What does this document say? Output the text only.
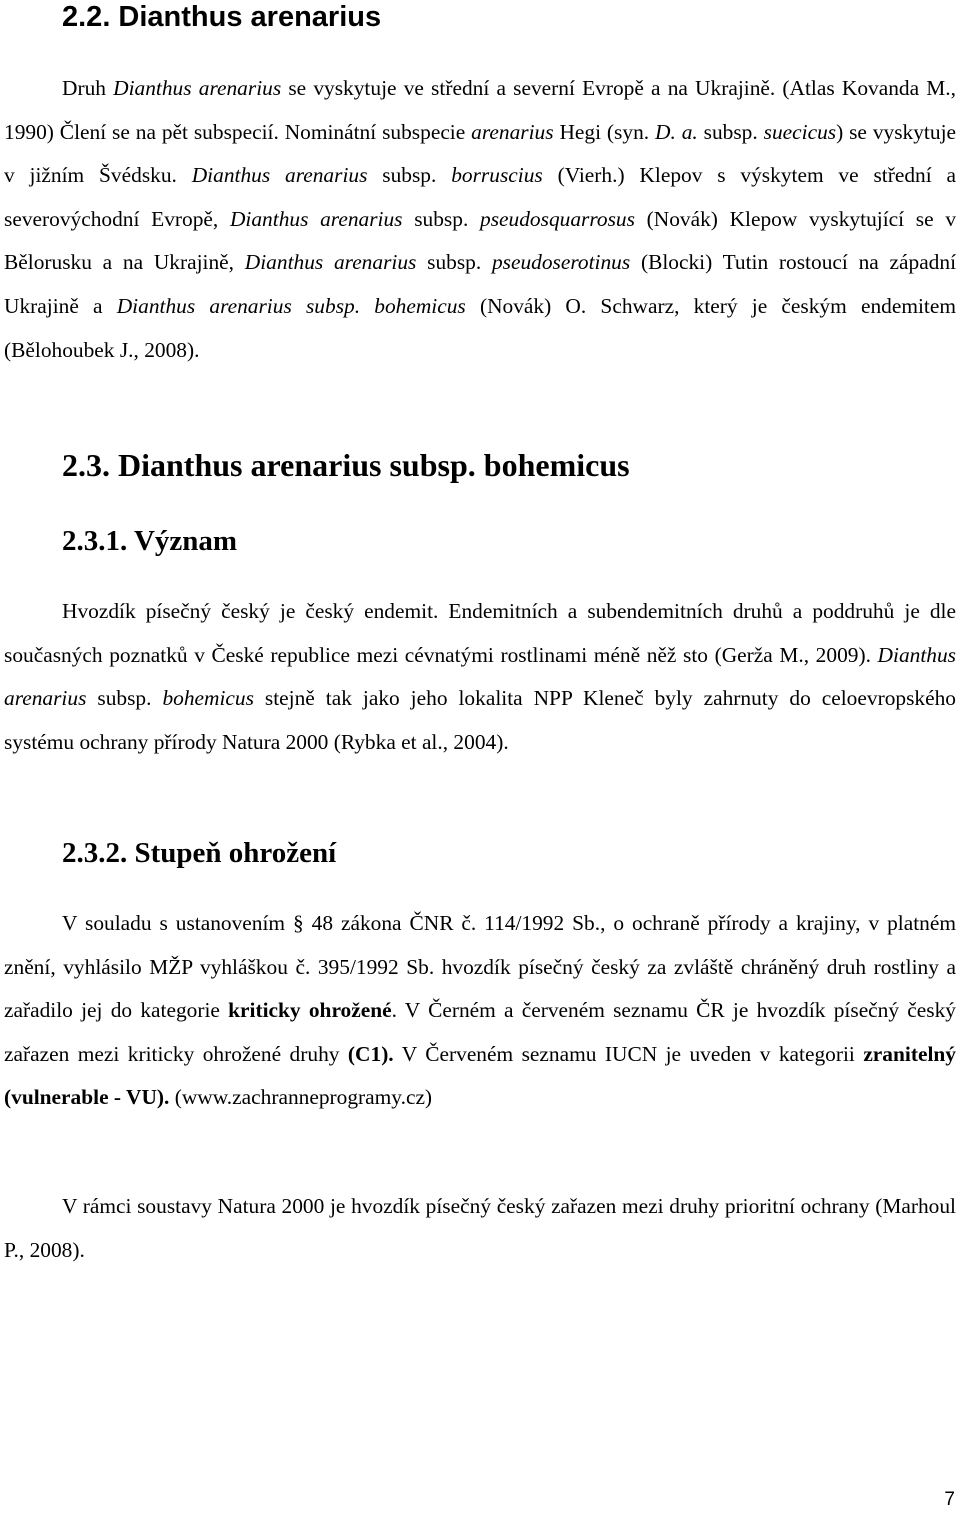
2.2. Dianthus arenarius

Druh Dianthus arenarius se vyskytuje ve střední a severní Evropě a na Ukrajině. (Atlas Kovanda M., 1990) Člení se na pět subspecií. Nominátní subspecie arenarius Hegi (syn. D. a. subsp. suecicus) se vyskytuje v jižním Švédsku. Dianthus arenarius subsp. borruscius (Vierh.) Klepov s výskytem ve střední a severovýchodní Evropě, Dianthus arenarius subsp. pseudosquarrosus (Novák) Klepow vyskytující se v Bělorusku a na Ukrajině, Dianthus arenarius subsp. pseudoserotinus (Blocki) Tutin rostoucí na západní Ukrajině a Dianthus arenarius subsp. bohemicus (Novák) O. Schwarz, který je českým endemitem (Bělohoubek J., 2008).

2.3. Dianthus arenarius subsp. bohemicus
2.3.1. Význam

Hvozdík písečný český je český endemit. Endemitních a subendemitních druhů a poddruhů je dle současných poznatků v České republice mezi cévnatými rostlinami méně něž sto (Gerža M., 2009). Dianthus arenarius subsp. bohemicus stejně tak jako jeho lokalita NPP Kleneč byly zahrnuty do celoevropského systému ochrany přírody Natura 2000 (Rybka et al., 2004).

2.3.2. Stupeň ohrožení

V souladu s ustanovením § 48 zákona ČNR č. 114/1992 Sb., o ochraně přírody a krajiny, v platném znění, vyhlásilo MŽP vyhláškou č. 395/1992 Sb. hvozdík písečný český za zvláště chráněný druh rostliny a zařadilo jej do kategorie kriticky ohrožené. V Černém a červeném seznamu ČR je hvozdík písečný český zařazen mezi kriticky ohrožené druhy (C1). V Červeném seznamu IUCN je uveden v kategorii zranitelný (vulnerable - VU). (www.zachranneprogramy.cz)

V rámci soustavy Natura 2000 je hvozdík písečný český zařazen mezi druhy prioritní ochrany (Marhoul P., 2008).

7
